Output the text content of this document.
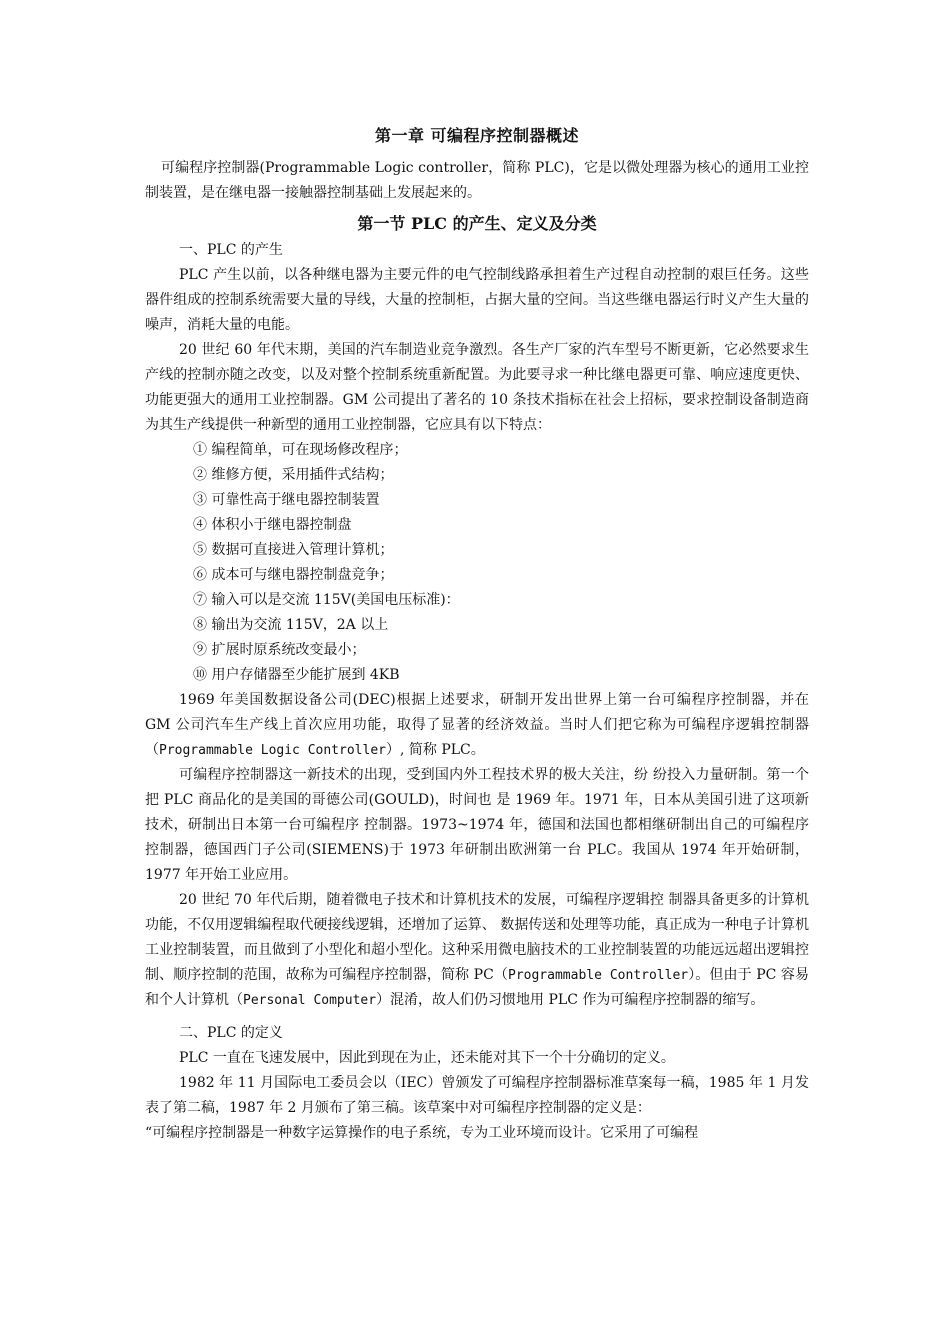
第一章 可编程序控制器概述

可编程序控制器(Programmable Logic controller，简称 PLC)，它是以微处理器为核心的通用工业控制装置，是在继电器一接触器控制基础上发展起来的。

第一节 PLC 的产生、定义及分类
一、PLC 的产生

PLC 产生以前，以各种继电器为主要元件的电气控制线路承担着生产过程自动控制的艰巨任务。这些器件组成的控制系统需要大量的导线，大量的控制柜，占据大量的空间。当这些继电器运行时义产生大量的噪声，消耗大量的电能。

20 世纪 60 年代末期，美国的汽车制造业竞争激烈。各生产厂家的汽车型号不断更新，它必然要求生产线的控制亦随之改变，以及对整个控制系统重新配置。为此要寻求一种比继电器更可靠、响应速度更快、功能更强大的通用工业控制器。GM 公司提出了著名的 10 条技术指标在社会上招标，要求控制设备制造商为其生产线提供一种新型的通用工业控制器，它应具有以下特点：

① 编程简单，可在现场修改程序；
② 维修方便，采用插件式结构；
③ 可靠性高于继电器控制装置
④ 体积小于继电器控制盘
⑤ 数据可直接进入管理计算机；
⑥ 成本可与继电器控制盘竞争；
⑦ 输入可以是交流 115V(美国电压标准)：
⑧ 输出为交流 115V，2A 以上
⑨ 扩展时原系统改变最小；
⑩ 用户存储器至少能扩展到 4KB

1969 年美国数据设备公司(DEC)根据上述要求，研制开发出世界上第一台可编程序控制器，并在 GM 公司汽车生产线上首次应用功能，取得了显著的经济效益。当时人们把它称为可编程序逻辑控制器（Programmable Logic Controller）, 简称 PLC。

可编程序控制器这一新技术的出现，受到国内外工程技术界的极大关注，纷 纷投入力量研制。第一个把 PLC 商品化的是美国的哥德公司(GOULD)，时间也 是 1969 年。1971 年，日本从美国引进了这项新技术，研制出日本第一台可编程序 控制器。1973~1974 年，德国和法国也都相继研制出自己的可编程序控制器，德国西门子公司(SIEMENS)于 1973 年研制出欧洲第一台 PLC。我国从 1974 年开始研制，1977 年开始工业应用。

20 世纪 70 年代后期，随着微电子技术和计算机技术的发展，可编程序逻辑控 制器具备更多的计算机功能，不仅用逻辑编程取代硬接线逻辑，还增加了运算、 数据传送和处理等功能，真正成为一种电子计算机工业控制装置，而且做到了小型化和超小型化。这种采用微电脑技术的工业控制装置的功能远远超出逻辑控制、顺序控制的范围，故称为可编程序控制器，简称 PC（Programmable Controller）。但由于 PC 容易和个人计算机（Personal Computer）混淆，故人们仍习惯地用 PLC 作为可编程序控制器的缩写。

二、PLC 的定义

PLC 一直在飞速发展中，因此到现在为止，还未能对其下一个十分确切的定义。

1982 年 11 月国际电工委员会以（IEC）曾颁发了可编程序控制器标准草案每一稿，1985 年 1 月发表了第二稿，1987 年 2 月颁布了第三稿。该草案中对可编程序控制器的定义是：

“可编程序控制器是一种数字运算操作的电子系统，专为工业环境而设计。它采用了可编程
